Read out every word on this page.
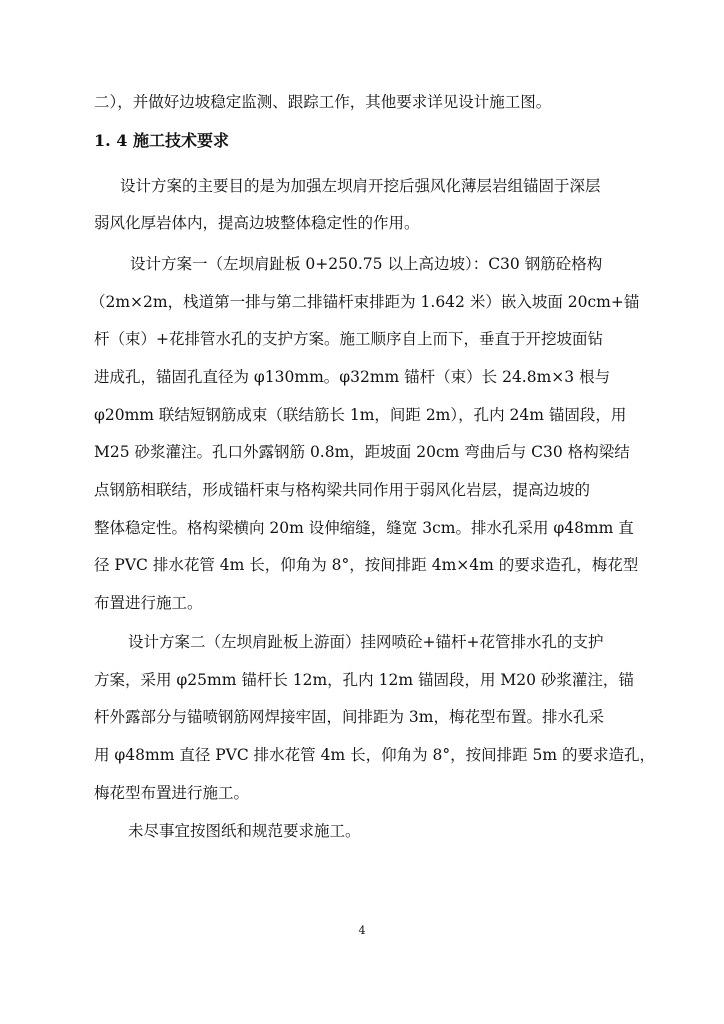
二），并做好边坡稳定监测、跟踪工作，其他要求详见设计施工图。
1. 4 施工技术要求
设计方案的主要目的是为加强左坝肩开挖后强风化薄层岩组锚固于深层
弱风化厚岩体内，提高边坡整体稳定性的作用。
设计方案一（左坝肩趾板 0+250.75 以上高边坡）：C30 钢筋砼格构
（2m×2m，栈道第一排与第二排锚杆束排距为 1.642 米）嵌入坡面 20cm+锚
杆（束）+花排管水孔的支护方案。施工顺序自上而下，垂直于开挖坡面钻
进成孔，锚固孔直径为 φ130mm。φ32mm 锚杆（束）长 24.8m×3 根与
φ20mm 联结短钢筋成束（联结筋长 1m，间距 2m），孔内 24m 锚固段，用
M25 砂浆灌注。孔口外露钢筋 0.8m，距坡面 20cm 弯曲后与 C30 格构梁结
点钢筋相联结，形成锚杆束与格构梁共同作用于弱风化岩层，提高边坡的
整体稳定性。格构梁横向 20m 设伸缩缝，缝宽 3cm。排水孔采用 φ48mm 直
径 PVC 排水花管 4m 长，仰角为 8°，按间排距 4m×4m 的要求造孔，梅花型
布置进行施工。
设计方案二（左坝肩趾板上游面）挂网喷砼+锚杆+花管排水孔的支护
方案，采用 φ25mm 锚杆长 12m，孔内 12m 锚固段，用 M20 砂浆灌注，锚
杆外露部分与锚喷钢筋网焊接牢固，间排距为 3m，梅花型布置。排水孔采
用 φ48mm 直径 PVC 排水花管 4m 长，仰角为 8°，按间排距 5m 的要求造孔，
梅花型布置进行施工。
未尽事宜按图纸和规范要求施工。
4
